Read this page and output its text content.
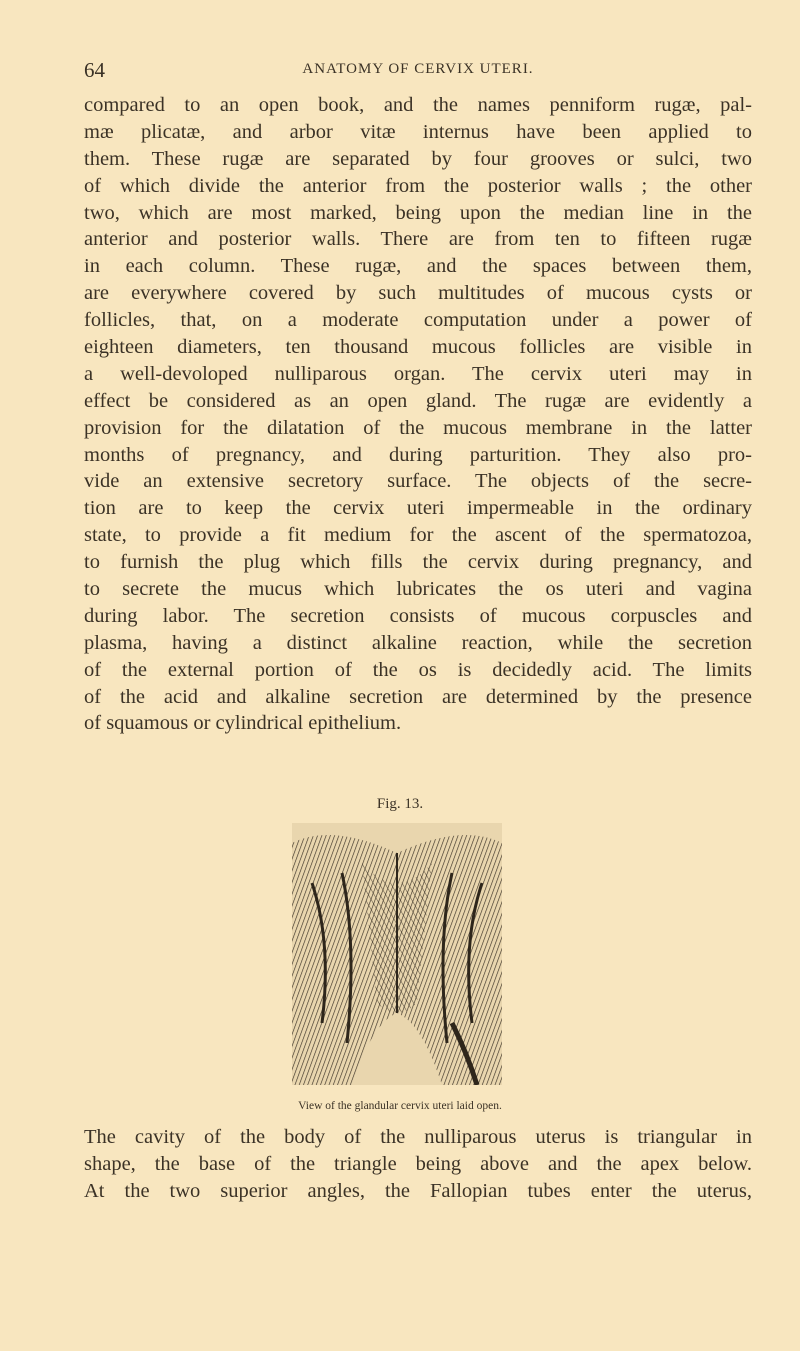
64	ANATOMY OF CERVIX UTERI.
compared to an open book, and the names penniform rugæ, pal-
mæ plicatæ, and arbor vitæ internus have been applied to
them. These rugæ are separated by four grooves or sulci, two
of which divide the anterior from the posterior walls ; the other
two, which are most marked, being upon the median line in the
anterior and posterior walls. There are from ten to fifteen rugæ
in each column. These rugæ, and the spaces between them,
are everywhere covered by such multitudes of mucous cysts or
follicles, that, on a moderate computation under a power of
eighteen diameters, ten thousand mucous follicles are visible in
a well-devoloped nulliparous organ. The cervix uteri may in
effect be considered as an open gland. The rugæ are evidently a
provision for the dilatation of the mucous membrane in the latter
months of pregnancy, and during parturition. They also pro-
vide an extensive secretory surface. The objects of the secre-
tion are to keep the cervix uteri impermeable in the ordinary
state, to provide a fit medium for the ascent of the spermatozoa,
to furnish the plug which fills the cervix during pregnancy, and
to secrete the mucus which lubricates the os uteri and vagina
during labor. The secretion consists of mucous corpuscles and
plasma, having a distinct alkaline reaction, while the secretion
of the external portion of the os is decidedly acid. The limits
of the acid and alkaline secretion are determined by the presence
of squamous or cylindrical epithelium.
Fig. 13.
View of the glandular cervix uteri laid open.
The cavity of the body of the nulliparous uterus is triangular in
shape, the base of the triangle being above and the apex below.
At the two superior angles, the Fallopian tubes enter the uterus,
